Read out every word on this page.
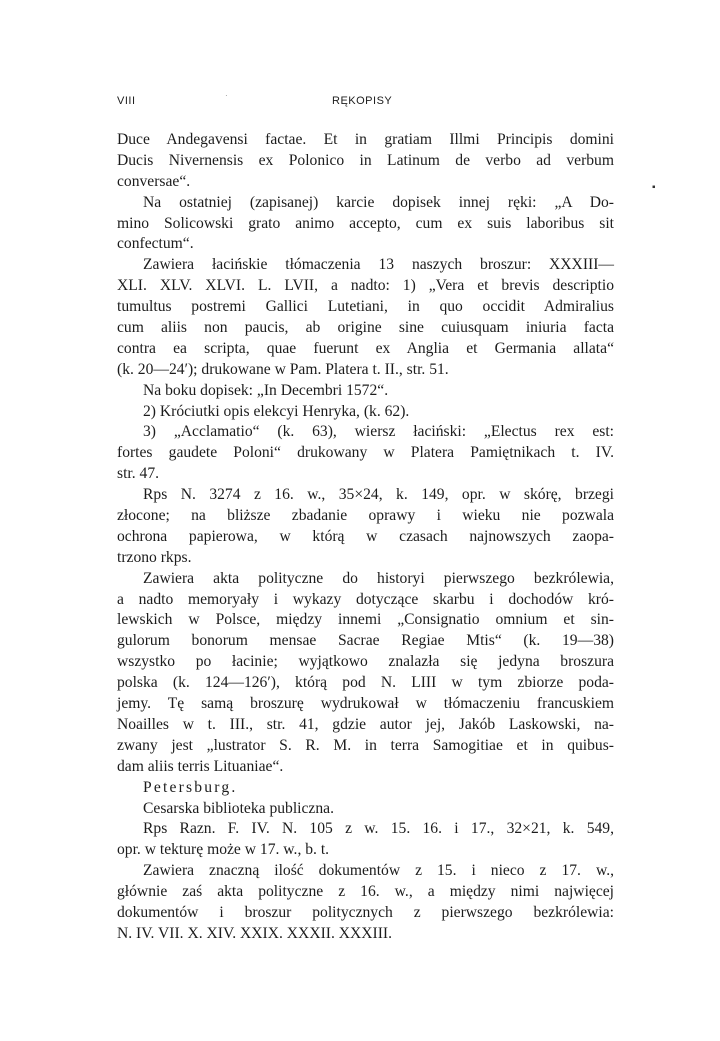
VIII	·	RĘKOPISY
▪
Duce Andegavensi factae. Et in gratiam Illmi Principis domini
Ducis Nivernensis ex Polonico in Latinum de verbo ad verbum
conversae“.
Na ostatniej (zapisanej) karcie dopisek innej ręki: „A Do-
mino Solicowski grato animo accepto, cum ex suis laboribus sit
confectum“.
Zawiera łacińskie tłómaczenia 13 naszych broszur: XXXIII—
XLI. XLV. XLVI. L. LVII, a nadto: 1) „Vera et brevis descriptio
tumultus postremi Gallici Lutetiani, in quo occidit Admiralius
cum aliis non paucis, ab origine sine cuiusquam iniuria facta
contra ea scripta, quae fuerunt ex Anglia et Germania allata“
(k. 20—24′); drukowane w Pam. Platera t. II., str. 51.
Na boku dopisek: „In Decembri 1572“.
2) Króciutki opis elekcyi Henryka, (k. 62).
3) „Acclamatio“ (k. 63), wiersz łaciński: „Electus rex est:
fortes gaudete Poloni“ drukowany w Platera Pamiętnikach t. IV.
str. 47.
Rps N. 3274 z 16. w., 35×24, k. 149, opr. w skórę, brzegi
złocone; na bliższe zbadanie oprawy i wieku nie pozwala
ochrona papierowa, w którą w czasach najnowszych zaopa-
trzono rkps.
Zawiera akta polityczne do historyi pierwszego bezkrólewia,
a nadto memoryały i wykazy dotyczące skarbu i dochodów kró-
lewskich w Polsce, między innemi „Consignatio omnium et sin-
gulorum bonorum mensae Sacrae Regiae Mtis“ (k. 19—38)
wszystko po łacinie; wyjątkowo znalazła się jedyna broszura
polska (k. 124—126′), którą pod N. LIII w tym zbiorze poda-
jemy. Tę samą broszurę wydrukował w tłómaczeniu francuskiem
Noailles w t. III., str. 41, gdzie autor jej, Jakób Laskowski, na-
zwany jest „lustrator S. R. M. in terra Samogitiae et in quibus-
dam aliis terris Lituaniae“.
Petersburg.
Cesarska biblioteka publiczna.
Rps Razn. F. IV. N. 105 z w. 15. 16. i 17., 32×21, k. 549,
opr. w tekturę może w 17. w., b. t.
Zawiera znaczną ilość dokumentów z 15. i nieco z 17. w.,
głównie zaś akta polityczne z 16. w., a między nimi najwięcej
dokumentów i broszur politycznych z pierwszego bezkrólewia:
N. IV. VII. X. XIV. XXIX. XXXII. XXXIII.
